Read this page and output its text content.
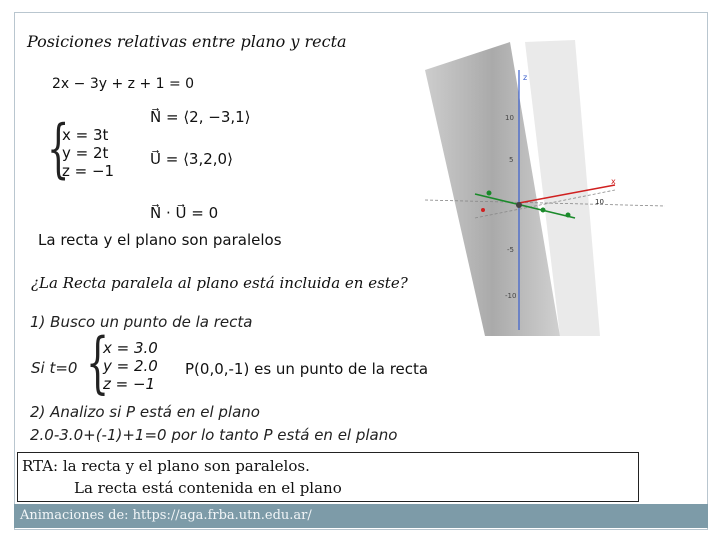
Posiciones relativas entre plano y recta
2x − 3y + z + 1 = 0
N⃗ = ⟨2, −3,1⟩
U⃗ = ⟨3,2,0⟩
{
x = 3t
y = 2t
z = −1
N⃗ · U⃗ = 0
La recta y el plano son paralelos
¿La Recta paralela al plano está incluida en este?
1) Busco un punto de la recta
Si t=0 {
x = 3.0
y = 2.0
z = −1
P(0,0,-1) es un punto de la recta
2) Analizo si P está en el plano
2.0-3.0+(-1)+1=0 por lo tanto P está en el plano
RTA: la recta y el plano son paralelos.
La recta está contenida en el plano
Animaciones de: https://aga.frba.utn.edu.ar/
z
10
5
-5
-10
x
10
